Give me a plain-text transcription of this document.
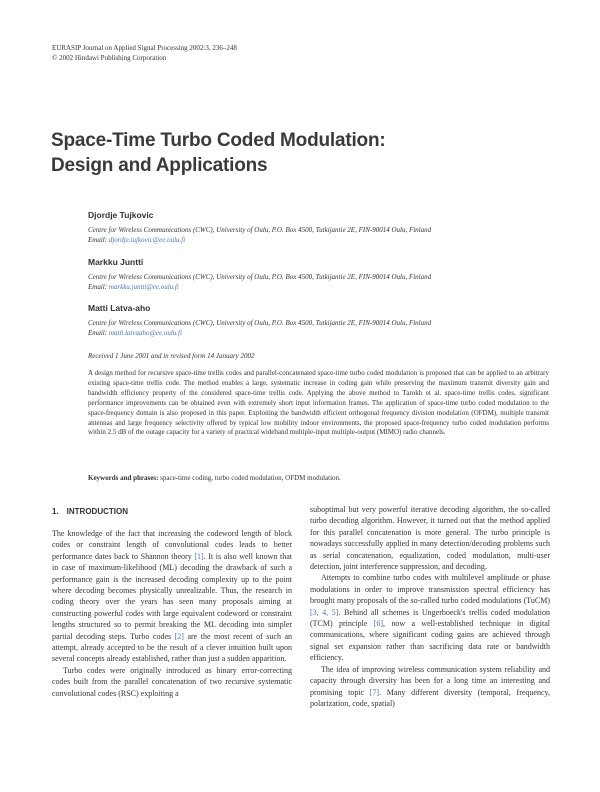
EURASIP Journal on Applied Signal Processing 2002:3, 236–248
© 2002 Hindawi Publishing Corporation
Space-Time Turbo Coded Modulation:
Design and Applications
Djordje Tujkovic
Centre for Wireless Communications (CWC), University of Oulu, P.O. Box 4500, Tutkijantie 2E, FIN-90014 Oulu, Finland
Email: djordje.tujkovic@ee.oulu.fi
Markku Juntti
Centre for Wireless Communications (CWC), University of Oulu, P.O. Box 4500, Tutkijantie 2E, FIN-90014 Oulu, Finland
Email: markku.juntti@ee.oulu.fi
Matti Latva-aho
Centre for Wireless Communications (CWC), University of Oulu, P.O. Box 4500, Tutkijantie 2E, FIN-90014 Oulu, Finland
Email: matti.latvaaho@ee.oulu.fi
Received 1 June 2001 and in revised form 14 January 2002
A design method for recursive space-time trellis codes and parallel-concatenated space-time turbo coded modulation is proposed that can be applied to an arbitrary existing space-time trellis code. The method enables a large, systematic increase in coding gain while preserving the maximum transmit diversity gain and bandwidth efficiency property of the considered space-time trellis code. Applying the above method to Tarokh et al. space-time trellis codes, significant performance improvements can be obtained even with extremely short input information frames. The application of space-time turbo coded modulation to the space-frequency domain is also proposed in this paper. Exploiting the bandwidth efficient orthogonal frequency division modulation (OFDM), multiple transmit antennas and large frequency selectivity offered by typical low mobility indoor environments, the proposed space-frequency turbo coded modulation performs within 2.5 dB of the outage capacity for a variety of practical wideband multiple-input multiple-output (MIMO) radio channels.
Keywords and phrases: space-time coding, turbo coded modulation, OFDM modulation.
1. INTRODUCTION

The knowledge of the fact that increasing the codeword length of block codes or constraint length of convolutional codes leads to better performance dates back to Shannon theory [1]. It is also well known that in case of maximum-likelihood (ML) decoding the drawback of such a performance gain is the increased decoding complexity up to the point where decoding becomes physically unrealizable. Thus, the research in coding theory over the years has seen many proposals aiming at constructing powerful codes with large equivalent codeword or constraint lengths structured so to permit breaking the ML decoding into simpler partial decoding steps. Turbo codes [2] are the most recent of such an attempt, already accepted to be the result of a clever intuition built upon several concepts already established, rather than just a sudden apparition.

Turbo codes were originally introduced as binary error-correcting codes built from the parallel concatenation of two recursive systematic convolutional codes (RSC) exploiting a

suboptimal but very powerful iterative decoding algorithm, the so-called turbo decoding algorithm. However, it turned out that the method applied for this parallel concatenation is more general. The turbo principle is nowadays successfully applied in many detection/decoding problems such as serial concatenation, equalization, coded modulation, multi-user detection, joint interference suppression, and decoding.

Attempts to combine turbo codes with multilevel amplitude or phase modulations in order to improve transmission spectral efficiency has brought many proposals of the so-called turbo coded modulations (TuCM) [3, 4, 5]. Behind all schemes is Ungerboeck's trellis coded modulation (TCM) principle [6], now a well-established technique in digital communications, where significant coding gains are achieved through signal set expansion rather than sacrificing data rate or bandwidth efficiency.

The idea of improving wireless communication system reliability and capacity through diversity has been for a long time an interesting and promising topic [7]. Many different diversity (temporal, frequency, polarization, code, spatial)
